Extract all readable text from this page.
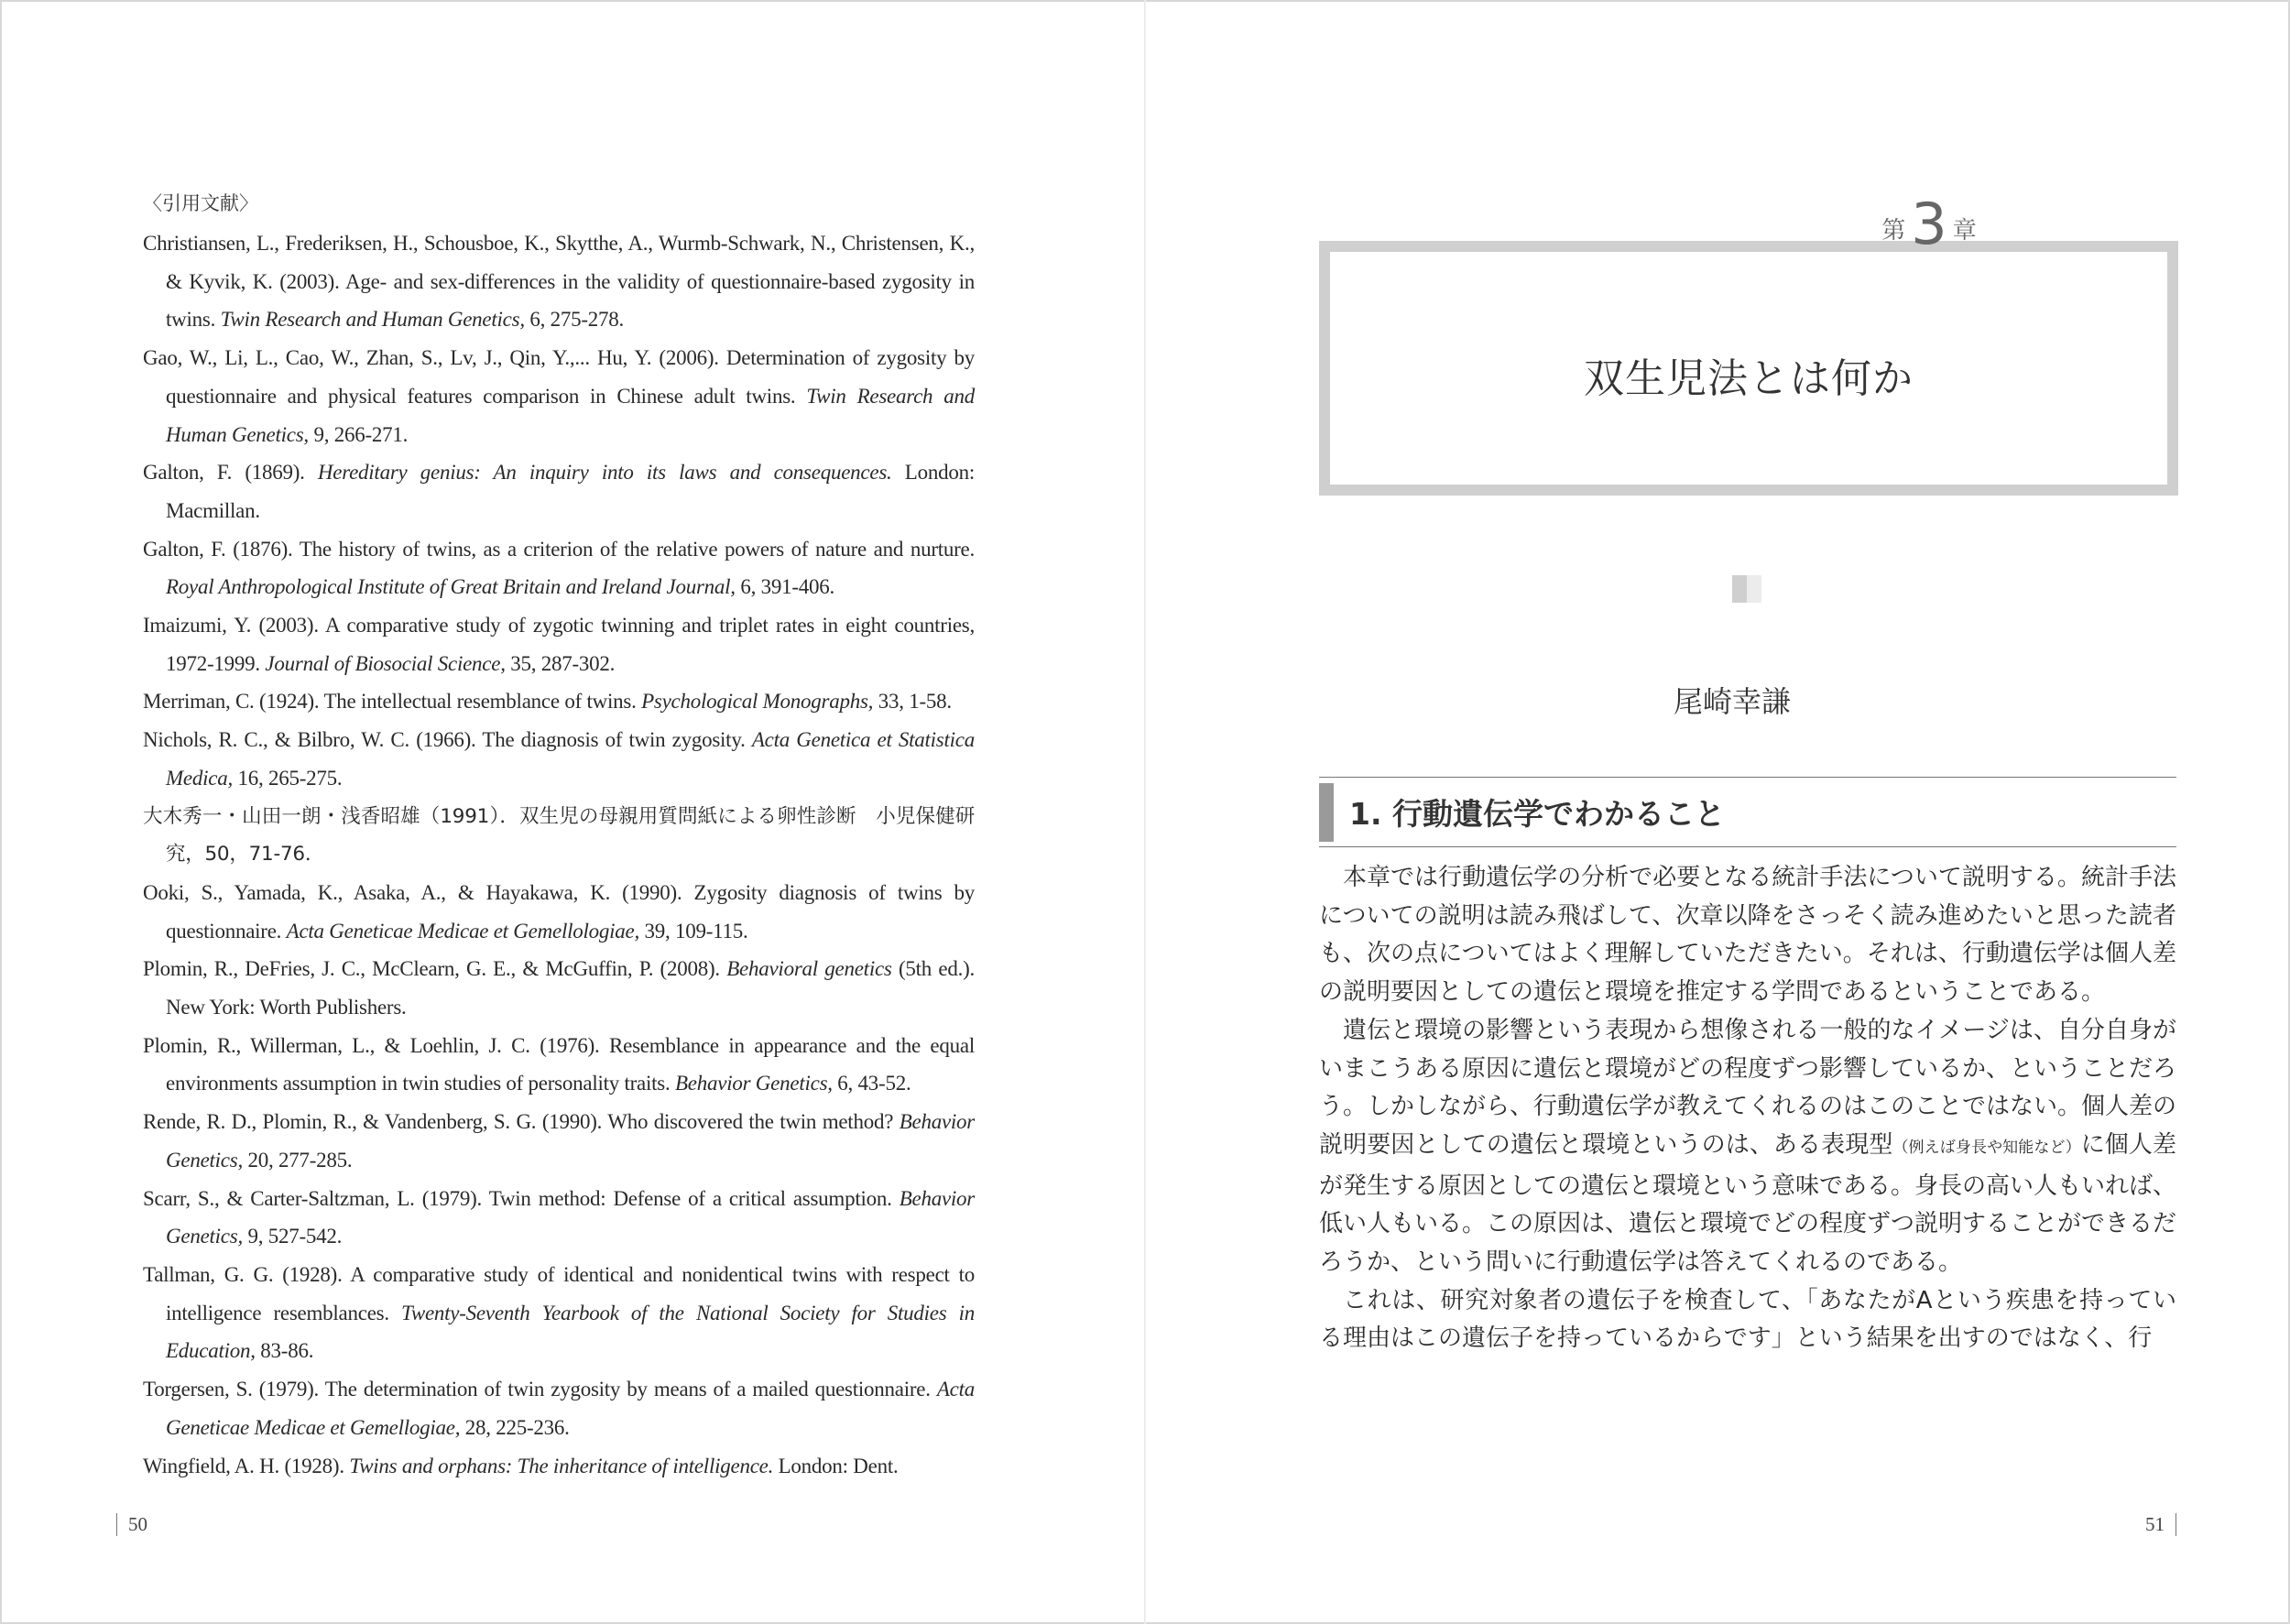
〈引用文献〉
Christiansen, L., Frederiksen, H., Schousboe, K., Skytthe, A., Wurmb-Schwark, N., Christensen, K., & Kyvik, K. (2003). Age- and sex-differences in the validity of questionnaire-based zygosity in twins. Twin Research and Human Genetics, 6, 275-278.
Gao, W., Li, L., Cao, W., Zhan, S., Lv, J., Qin, Y.,... Hu, Y. (2006). Determination of zygosity by questionnaire and physical features comparison in Chinese adult twins. Twin Research and Human Genetics, 9, 266-271.
Galton, F. (1869). Hereditary genius: An inquiry into its laws and consequences. London: Macmillan.
Galton, F. (1876). The history of twins, as a criterion of the relative powers of nature and nurture. Royal Anthropological Institute of Great Britain and Ireland Journal, 6, 391-406.
Imaizumi, Y. (2003). A comparative study of zygotic twinning and triplet rates in eight countries, 1972-1999. Journal of Biosocial Science, 35, 287-302.
Merriman, C. (1924). The intellectual resemblance of twins. Psychological Monographs, 33, 1-58.
Nichols, R. C., & Bilbro, W. C. (1966). The diagnosis of twin zygosity. Acta Genetica et Statistica Medica, 16, 265-275.
大木秀一・山田一朗・浅香昭雄（1991）．双生児の母親用質問紙による卵性診断　小児保健研究，50，71-76．
Ooki, S., Yamada, K., Asaka, A., & Hayakawa, K. (1990). Zygosity diagnosis of twins by questionnaire. Acta Geneticae Medicae et Gemellologiae, 39, 109-115.
Plomin, R., DeFries, J. C., McClearn, G. E., & McGuffin, P. (2008). Behavioral genetics (5th ed.). New York: Worth Publishers.
Plomin, R., Willerman, L., & Loehlin, J. C. (1976). Resemblance in appearance and the equal environments assumption in twin studies of personality traits. Behavior Genetics, 6, 43-52.
Rende, R. D., Plomin, R., & Vandenberg, S. G. (1990). Who discovered the twin method? Behavior Genetics, 20, 277-285.
Scarr, S., & Carter-Saltzman, L. (1979). Twin method: Defense of a critical assumption. Behavior Genetics, 9, 527-542.
Tallman, G. G. (1928). A comparative study of identical and nonidentical twins with respect to intelligence resemblances. Twenty-Seventh Yearbook of the National Society for Studies in Education, 83-86.
Torgersen, S. (1979). The determination of twin zygosity by means of a mailed questionnaire. Acta Geneticae Medicae et Gemellogiae, 28, 225-236.
Wingfield, A. H. (1928). Twins and orphans: The inheritance of intelligence. London: Dent.
50
双生児法とは何か
第3 章
尾崎幸謙
1. 行動遺伝学でわかること

本章では行動遺伝学の分析で必要となる統計手法について説明する。統計手法についての説明は読み飛ばして、次章以降をさっそく読み進めたいと思った読者も、次の点についてはよく理解していただきたい。それは、行動遺伝学は個人差の説明要因としての遺伝と環境を推定する学問であるということである。

遺伝と環境の影響という表現から想像される一般的なイメージは、自分自身がいまこうある原因に遺伝と環境がどの程度ずつ影響しているか、ということだろう。しかしながら、行動遺伝学が教えてくれるのはこのことではない。個人差の説明要因としての遺伝と環境というのは、ある表現型（例えば身長や知能など）に個人差が発生する原因としての遺伝と環境という意味である。身長の高い人もいれば、低い人もいる。この原因は、遺伝と環境でどの程度ずつ説明することができるだろうか、という問いに行動遺伝学は答えてくれるのである。

これは、研究対象者の遺伝子を検査して、「あなたがAという疾患を持っている理由はこの遺伝子を持っているからです」という結果を出すのではなく、行

51
